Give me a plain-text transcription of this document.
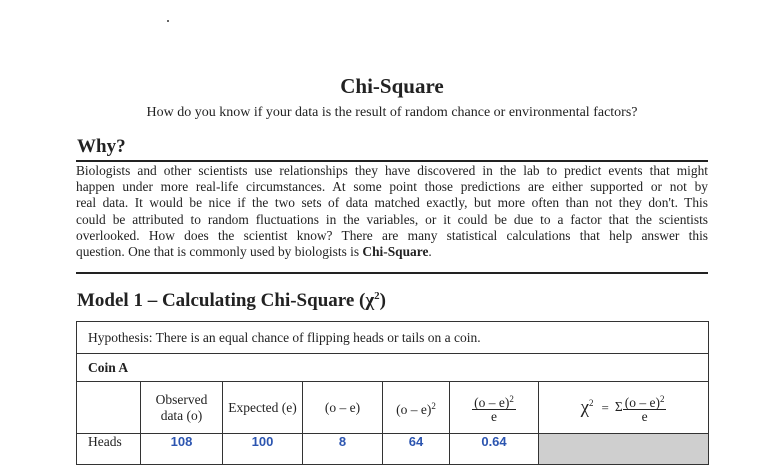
Chi-Square
How do you know if your data is the result of random chance or environmental factors?
Why?

Biologists and other scientists use relationships they have discovered in the lab to predict events that might

happen under more real-life circumstances. At some point those predictions are either supported or not by

real data. It would be nice if the two sets of data matched exactly, but more often than not they don't. This

could be attributed to random fluctuations in the variables, or it could be due to a factor that the scientists

overlooked. How does the scientist know? There are many statistical calculations that help answer this

question. One that is commonly used by biologists is Chi-Square.

Model 1 – Calculating Chi-Square $(\chi^2)$
Hypothesis: There is an equal chance of flipping heads or tails on a coin.						
Coin A						
	Observed
data (o)	Expected (e)	(o – e)	(o – e)$^2$	$\frac{(o - e)^2}{e}$	$\chi^2 = \Sigma \frac{(o - e)^2}{e}$

Heads	108	100	8	64	0.64	
